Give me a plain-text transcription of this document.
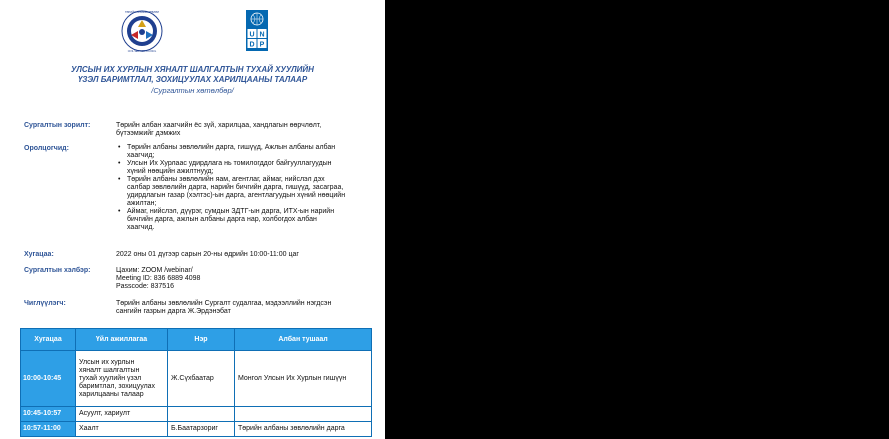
ТӨРИЙН АЛБАНЫ ЗӨВЛӨЛ
CIVIL SERVICE COUNCIL
U N
D P
УЛСЫН ИХ ХУРЛЫН ХЯНАЛТ ШАЛГАЛТЫН ТУХАЙ ХУУЛИЙН
ҮЗЭЛ БАРИМТЛАЛ, ЗОХИЦУУЛАХ ХАРИЛЦААНЫ ТАЛААР
/Сургалтын хөтөлбөр/
Сургалтын зорилт:	Төрийн албан хаагчийн ёс зүй, харилцаа, хандлагын өөрчлөлт,
бүтээмжийг дэмжих
Оролцогчид:	• Төрийн албаны зөвлөлийн дарга, гишүүд, Ажлын албаны албан
хаагчид;
• Улсын Их Хурлаас удирдлага нь томилогддог байгууллагуудын
хүний нөөцийн ажилтнууд;
• Төрийн албаны зөвлөлийн яам, агентлаг, аймаг, нийслэл дэх
салбар зөвлөлийн дарга, нарийн бичгийн дарга, гишүүд, засаграа,
удирдлагын газар (хэлтэс)-ын дарга, агентлагуудын хүний нөөцийн
ажилтан;
• Аймаг, нийслэл, дүүрэг, сумдын ЗДТГ-ын дарга, ИТХ-ын нарийн
бичгийн дарга, ажлын албаны дарга нар, холбогдох албан
хаагчид.
Хугацаа:	2022 оны 01 дүгээр сарын 20-ны өдрийн 10:00-11:00 цаг
Сургалтын хэлбэр:	Цахим: ZOOM /webinar/
Meeting ID: 836 6889 4098
Passcode: 837516
Чиглүүлэгч:	Төрийн албаны зөвлөлийн Сургалт судалгаа, мэдээллийн нэгдсэн
сангийн газрын дарга Ж.Эрдэнэбат
Хугацаа	Үйл ажиллагаа	Нэр	Албан тушаал
10:00-10:45	Улсын их хурлын
хяналт шалгалтын
тухай хуулийн үзэл
баримтлал, зохицуулах
харилцааны талаар	Ж.Сүхбаатар	Монгол Улсын Их Хурлын гишүүн
10:45-10:57	Асуулт, хариулт		
10:57-11:00	Хаалт	Б.Баатарзориг	Төрийн албаны зөвлөлийн дарга
